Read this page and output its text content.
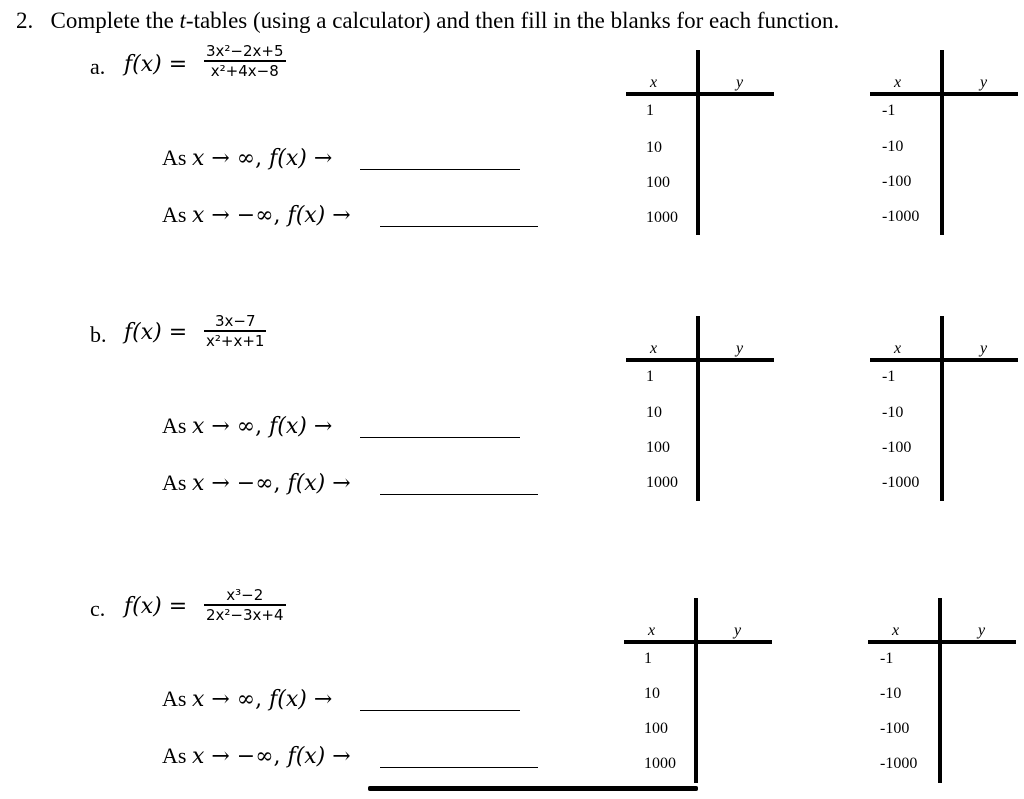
2. Complete the t-tables (using a calculator) and then fill in the blanks for each function.
a. f(x) =
3x²−2x+5
x²+4x−8
As x → ∞, f(x) →
As x → −∞, f(x) →
x	y
1
10
100
1000
x	y
-1
-10
-100
-1000
b. f(x) = 3x−7
x²+x+1
As x → ∞, f(x) →
As x → −∞, f(x) →
x	y
1
10
100
1000
x	y
-1
-10
-100
-1000
c. f(x) =	x³−2
2x²−3x+4
As x → ∞, f(x) →
As x → −∞, f(x) →
x	y
1
10
100
1000
x	y
-1
-10
-100
-1000
